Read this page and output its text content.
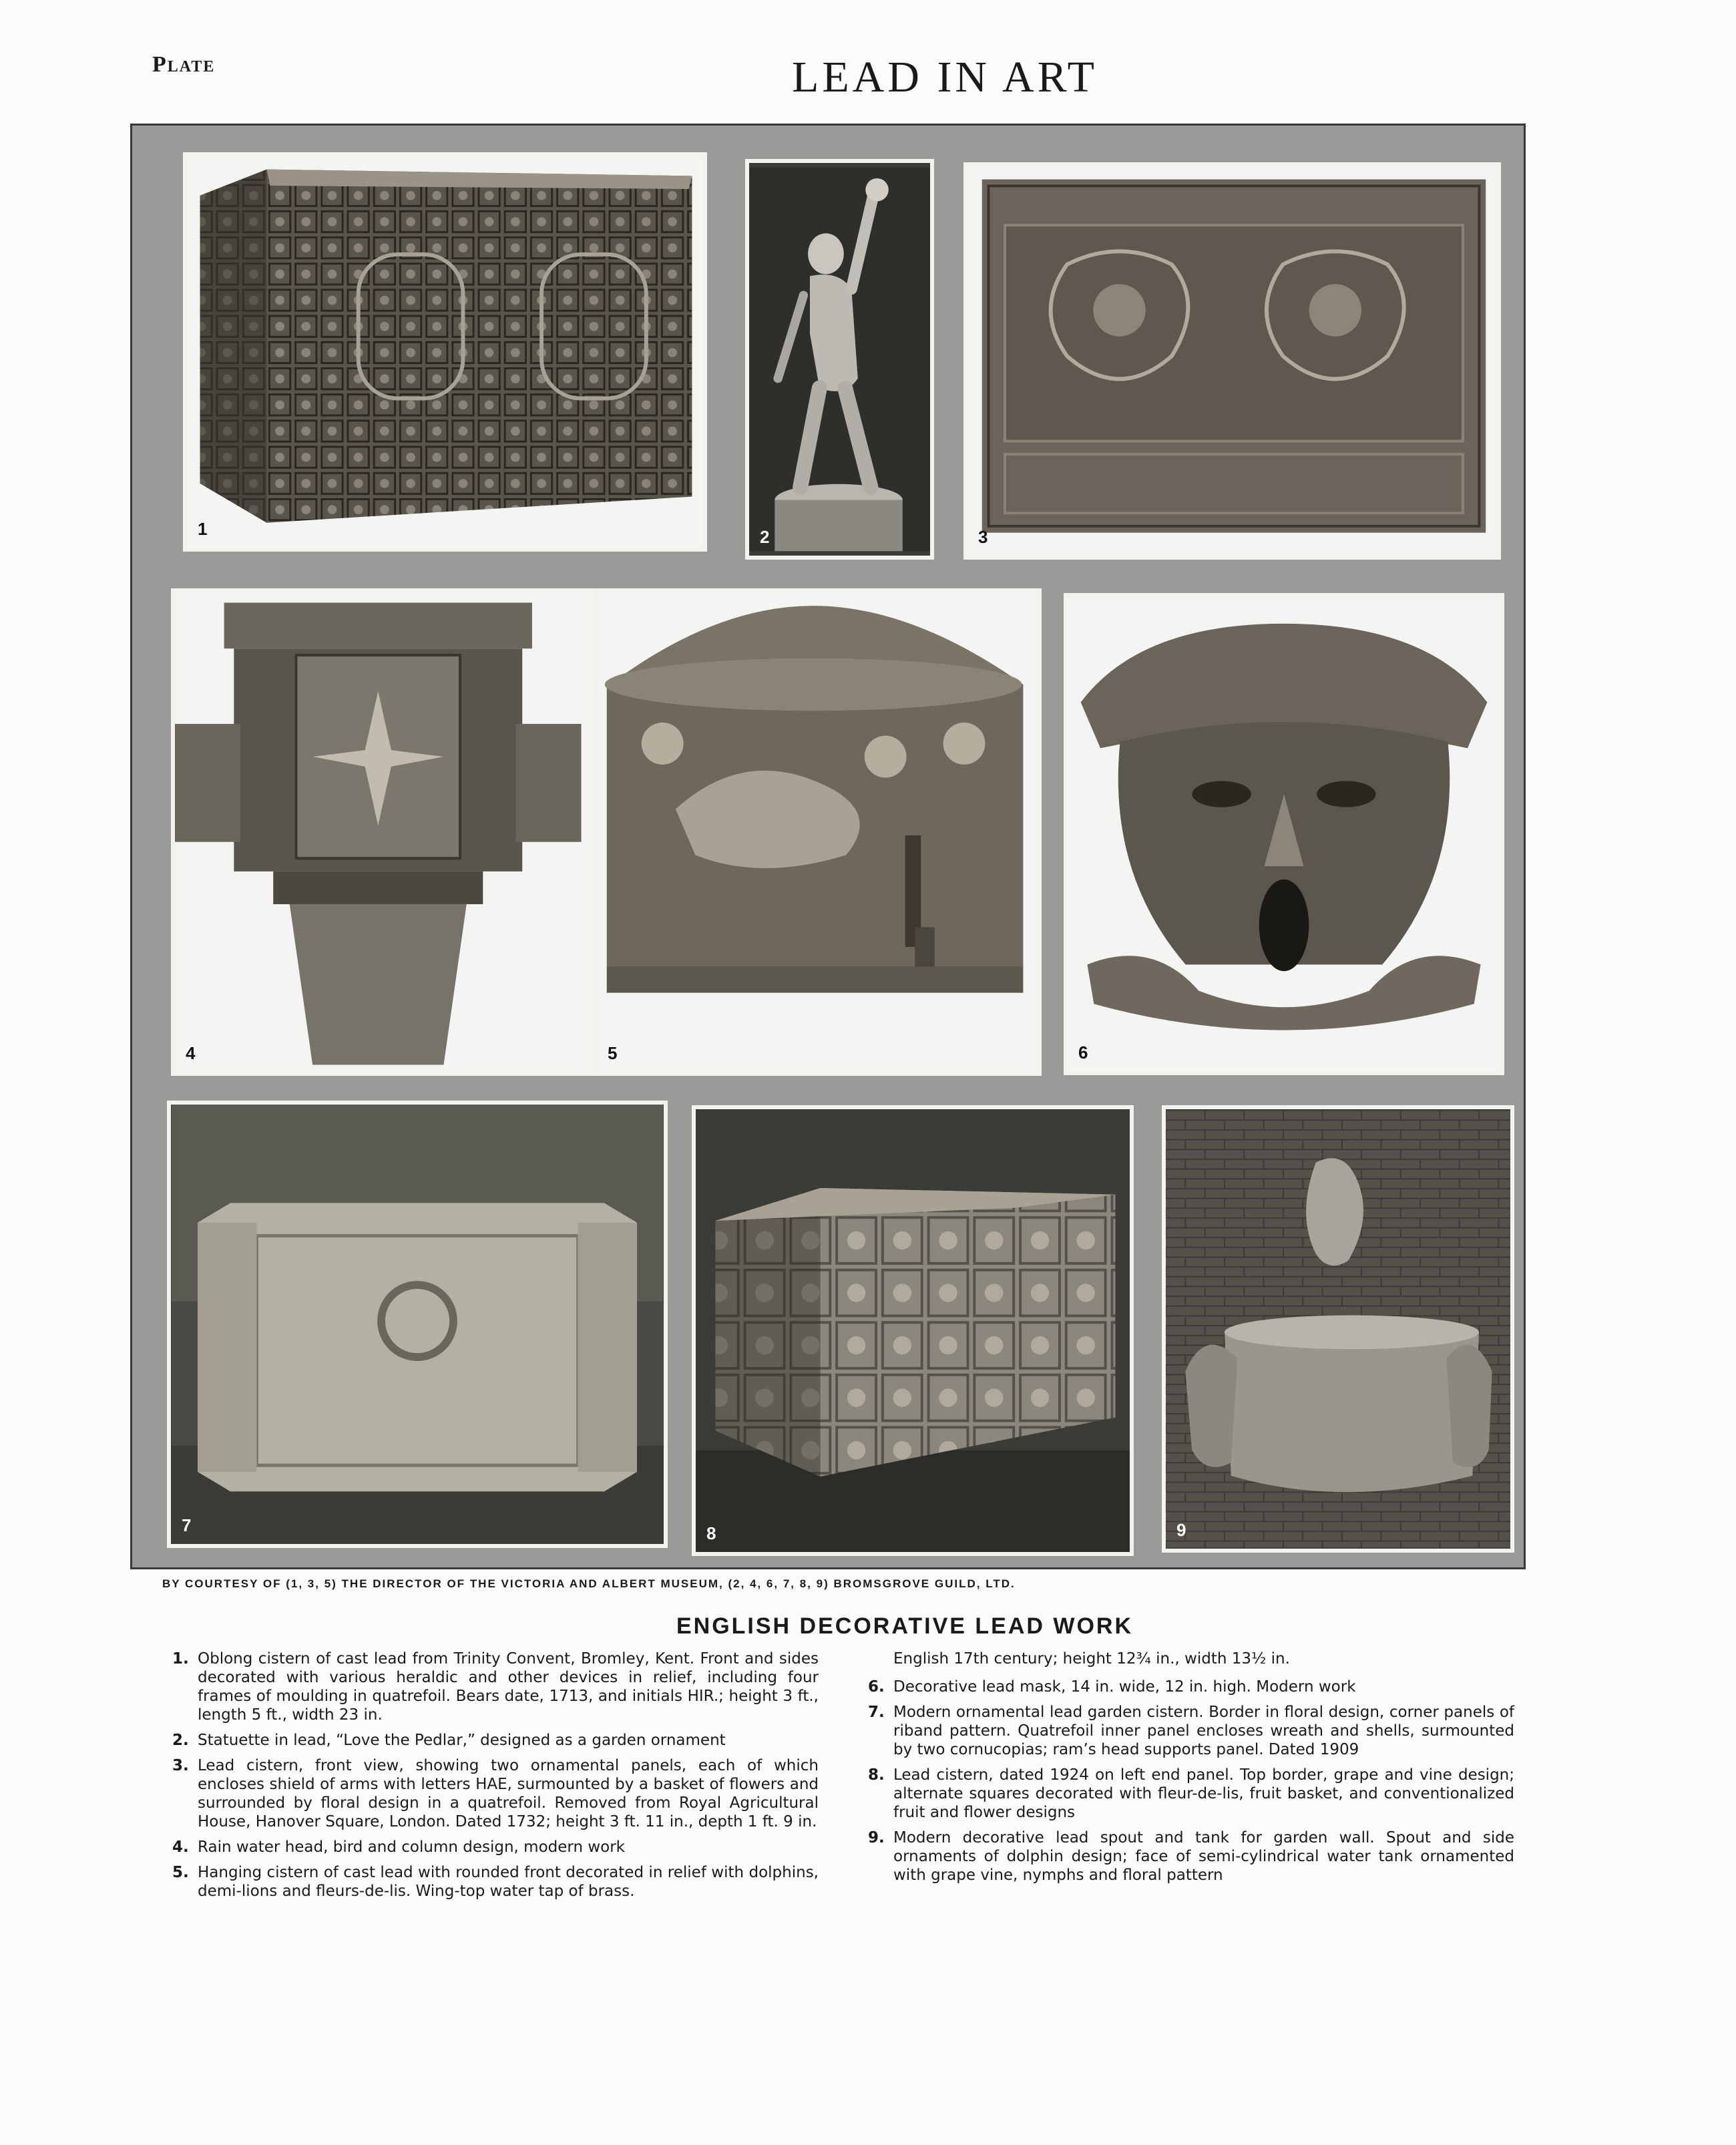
Plate	LEAD IN ART
1	2	3
4	5	6
7	8	9
BY COURTESY OF (1, 3, 5) THE DIRECTOR OF THE VICTORIA AND ALBERT MUSEUM, (2, 4, 6, 7, 8, 9) BROMSGROVE GUILD, LTD.
ENGLISH DECORATIVE LEAD WORK
1. Oblong cistern of cast lead from Trinity Convent, Bromley, Kent. Front and sides decorated with various heraldic and other devices in relief, including four frames of moulding in quatrefoil. Bears date, 1713, and initials HIR.; height 3 ft., length 5 ft., width 23 in.
2. Statuette in lead, “Love the Pedlar,” designed as a garden ornament
3. Lead cistern, front view, showing two ornamental panels, each of which encloses shield of arms with letters HAE, surmounted by a basket of flowers and surrounded by floral design in a quatrefoil. Removed from Royal Agricultural House, Hanover Square, London. Dated 1732; height 3 ft. 11 in., depth 1 ft. 9 in.
4. Rain water head, bird and column design, modern work
5. Hanging cistern of cast lead with rounded front decorated in relief with dolphins, demi-lions and fleurs-de-lis. Wing-top water tap of brass.
English 17th century; height 12¾ in., width 13½ in.
6. Decorative lead mask, 14 in. wide, 12 in. high. Modern work
7. Modern ornamental lead garden cistern. Border in floral design, corner panels of riband pattern. Quatrefoil inner panel encloses wreath and shells, surmounted by two cornucopias; ram’s head supports panel. Dated 1909
8. Lead cistern, dated 1924 on left end panel. Top border, grape and vine design; alternate squares decorated with fleur-de-lis, fruit basket, and conventionalized fruit and flower designs
9. Modern decorative lead spout and tank for garden wall. Spout and side ornaments of dolphin design; face of semi-cylindrical water tank ornamented with grape vine, nymphs and floral pattern
